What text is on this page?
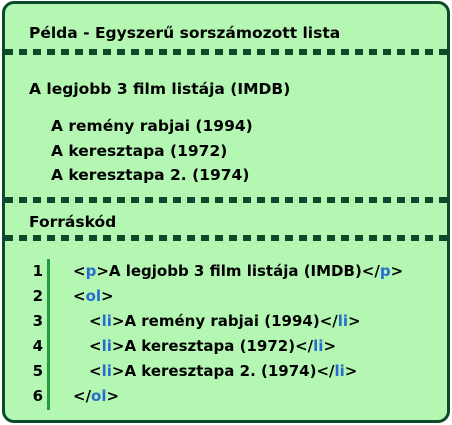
Példa - Egyszerű sorszámozott lista
A legjobb 3 film listája (IMDB)
A remény rabjai (1994)
A keresztapa (1972)
A keresztapa 2. (1974)
Forráskód
1 <p>A legjobb 3 film listája (IMDB)</p>
2 <ol>
3	<li>A remény rabjai (1994)</li>
4	<li>A keresztapa (1972)</li>
5	<li>A keresztapa 2. (1974)</li>
6 </ol>
